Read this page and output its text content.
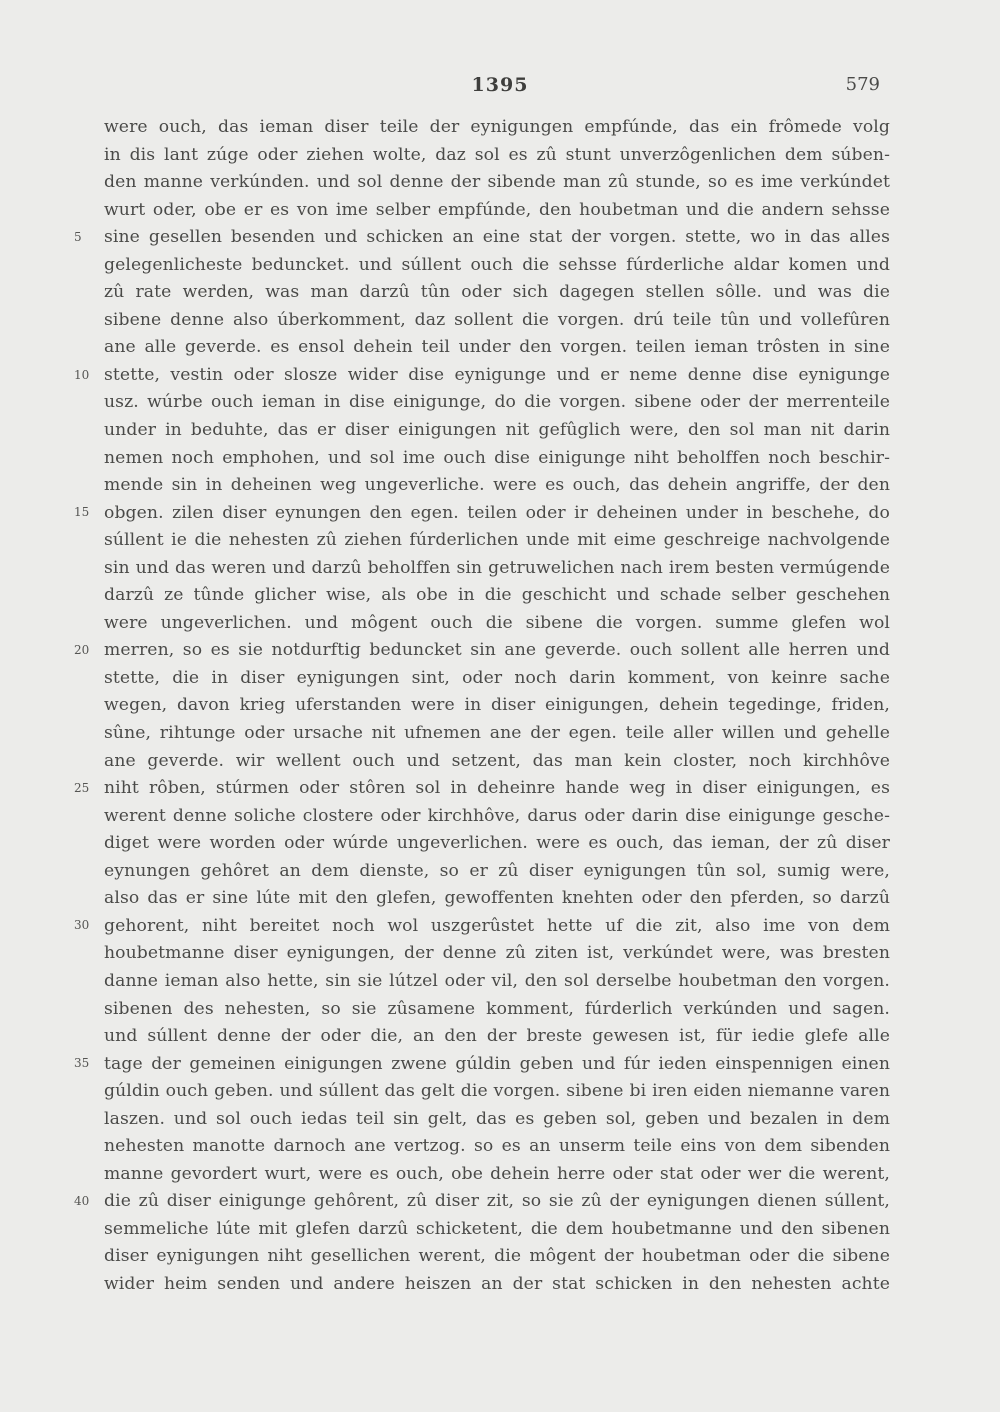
1395	579
5
10
15
20
25
30
35
40
were ouch, das ieman diser teile der eynigungen empfúnde, das ein frômede volg
in dis lant zúge oder ziehen wolte, daz sol es zû stunt unverzôgenlichen dem súben-
den manne verkúnden. und sol denne der sibende man zû stunde, so es ime verkúndet
wurt oder, obe er es von ime selber empfúnde, den houbetman und die andern sehsse
sine gesellen besenden und schicken an eine stat der vorgen. stette, wo in das alles
gelegenlicheste beduncket. und súllent ouch die sehsse fúrderliche aldar komen und
zû rate werden, was man darzû tûn oder sich dagegen stellen sôlle. und was die
sibene denne also úberkomment, daz sollent die vorgen. drú teile tûn und vollefûren
ane alle geverde. es ensol dehein teil under den vorgen. teilen ieman trôsten in sine
stette, vestin oder slosze wider dise eynigunge und er neme denne dise eynigunge
usz. wúrbe ouch ieman in dise einigunge, do die vorgen. sibene oder der merrenteile
under in beduhte, das er diser einigungen nit gefûglich were, den sol man nit darin
nemen noch emphohen, und sol ime ouch dise einigunge niht beholffen noch beschir-
mende sin in deheinen weg ungeverliche. were es ouch, das dehein angriffe, der den
obgen. zilen diser eynungen den egen. teilen oder ir deheinen under in beschehe, do
súllent ie die nehesten zû ziehen fúrderlichen unde mit eime geschreige nachvolgende
sin und das weren und darzû beholffen sin getruwelichen nach irem besten vermúgende
darzû ze tûnde glicher wise, als obe in die geschicht und schade selber geschehen
were ungeverlichen. und môgent ouch die sibene die vorgen. summe glefen wol
merren, so es sie notdurftig beduncket sin ane geverde. ouch sollent alle herren und
stette, die in diser eynigungen sint, oder noch darin komment, von keinre sache
wegen, davon krieg uferstanden were in diser einigungen, dehein tegedinge, friden,
sûne, rihtunge oder ursache nit ufnemen ane der egen. teile aller willen und gehelle
ane geverde. wir wellent ouch und setzent, das man kein closter, noch kirchhôve
niht rôben, stúrmen oder stôren sol in deheinre hande weg in diser einigungen, es
werent denne soliche clostere oder kirchhôve, darus oder darin dise einigunge gesche-
diget were worden oder wúrde ungeverlichen. were es ouch, das ieman, der zû diser
eynungen gehôret an dem dienste, so er zû diser eynigungen tûn sol, sumig were,
also das er sine lúte mit den glefen, gewoffenten knehten oder den pferden, so darzû
gehorent, niht bereitet noch wol uszgerûstet hette uf die zit, also ime von dem
houbetmanne diser eynigungen, der denne zû ziten ist, verkúndet were, was bresten
danne ieman also hette, sin sie lútzel oder vil, den sol derselbe houbetman den vorgen.
sibenen des nehesten, so sie zûsamene komment, fúrderlich verkúnden und sagen.
und súllent denne der oder die, an den der breste gewesen ist, für iedie glefe alle
tage der gemeinen einigungen zwene gúldin geben und fúr ieden einspennigen einen
gúldin ouch geben. und súllent das gelt die vorgen. sibene bi iren eiden niemanne varen
laszen. und sol ouch iedas teil sin gelt, das es geben sol, geben und bezalen in dem
nehesten manotte darnoch ane vertzog. so es an unserm teile eins von dem sibenden
manne gevordert wurt, were es ouch, obe dehein herre oder stat oder wer die werent,
die zû diser einigunge gehôrent, zû diser zit, so sie zû der eynigungen dienen súllent,
semmeliche lúte mit glefen darzû schicketent, die dem houbetmanne und den sibenen
diser eynigungen niht gesellichen werent, die môgent der houbetman oder die sibene
wider heim senden und andere heiszen an der stat schicken in den nehesten achte
